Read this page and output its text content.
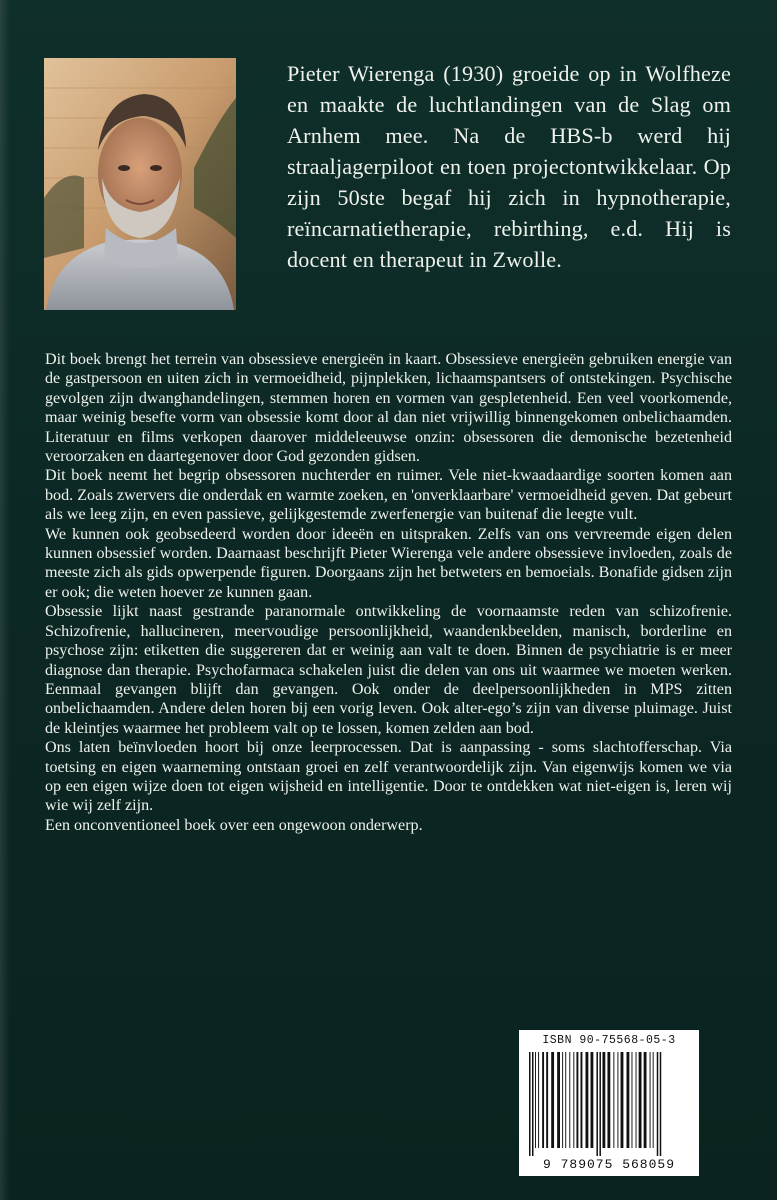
Pieter Wierenga (1930) groeide op in Wolfheze en maakte de luchtlandingen van de Slag om Arnhem mee. Na de HBS-b werd hij straaljagerpiloot en toen projectontwikkelaar. Op zijn 50ste begaf hij zich in hypnotherapie, reïncarnatietherapie, rebirthing, e.d. Hij is docent en therapeut in Zwolle.

Dit boek brengt het terrein van obsessieve energieën in kaart. Obsessieve energieën gebruiken energie van de gastpersoon en uiten zich in vermoeidheid, pijnplekken, lichaamspantsers of ontstekingen. Psychische gevolgen zijn dwanghandelingen, stemmen horen en vormen van gespletenheid. Een veel voorkomende, maar weinig besefte vorm van obsessie komt door al dan niet vrijwillig binnengekomen onbelichaamden. Literatuur en films verkopen daarover middeleeuwse onzin: obsessoren die demonische bezetenheid veroorzaken en daartegenover door God gezonden gidsen.

Dit boek neemt het begrip obsessoren nuchterder en ruimer. Vele niet-kwaadaardige soorten komen aan bod. Zoals zwervers die onderdak en warmte zoeken, en 'onverklaarbare' vermoeidheid geven. Dat gebeurt als we leeg zijn, en even passieve, gelijkgestemde zwerfenergie van buitenaf die leegte vult.

We kunnen ook geobsedeerd worden door ideeën en uitspraken. Zelfs van ons vervreemde eigen delen kunnen obsessief worden. Daarnaast beschrijft Pieter Wierenga vele andere obsessieve invloeden, zoals de meeste zich als gids opwerpende figuren. Doorgaans zijn het betweters en bemoeials. Bonafide gidsen zijn er ook; die weten hoever ze kunnen gaan.

Obsessie lijkt naast gestrande paranormale ontwikkeling de voornaamste reden van schizofrenie. Schizofrenie, hallucineren, meervoudige persoonlijkheid, waandenkbeelden, manisch, borderline en psychose zijn: etiketten die suggereren dat er weinig aan valt te doen. Binnen de psychiatrie is er meer diagnose dan therapie. Psychofarmaca schakelen juist die delen van ons uit waarmee we moeten werken. Eenmaal gevangen blijft dan gevangen. Ook onder de deelpersoonlijkheden in MPS zitten onbelichaamden. Andere delen horen bij een vorig leven. Ook alter-ego’s zijn van diverse pluimage. Juist de kleintjes waarmee het probleem valt op te lossen, komen zelden aan bod.

Ons laten beïnvloeden hoort bij onze leerprocessen. Dat is aanpassing - soms slachtofferschap. Via toetsing en eigen waarneming ontstaan groei en zelf verantwoordelijk zijn. Van eigenwijs komen we via op een eigen wijze doen tot eigen wijsheid en intelligentie. Door te ontdekken wat niet-eigen is, leren wij wie wij zelf zijn.

Een onconventioneel boek over een ongewoon onderwerp.

ISBN 90-75568-05-3
9 789075 568059
